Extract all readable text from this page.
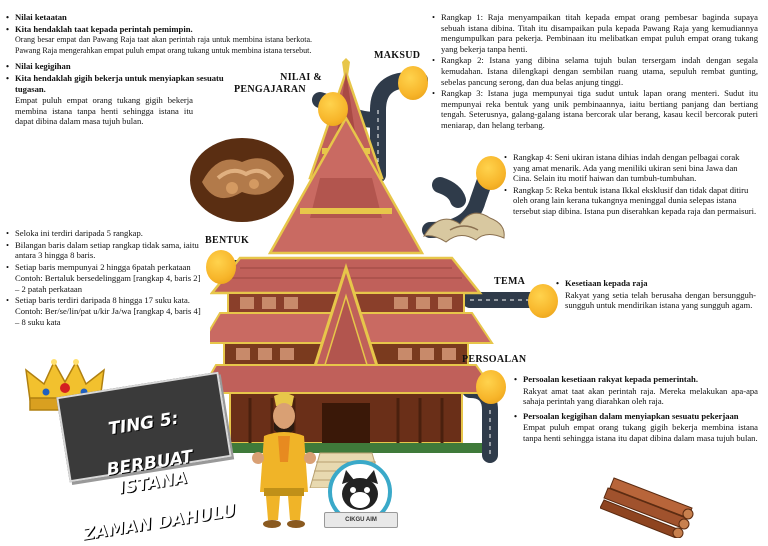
CIKGU AIM

TING 5:

BERBUAT ISTANA

ZAMAN DAHULU

NILAI &
PENGAJARAN
MAKSUD
BENTUK
TEMA
PERSOALAN
• Nilai ketaatan
• Kita hendaklah taat kepada perintah pemimpin.

Orang besar empat dan Pawang Raja taat akan perintah raja untuk membina istana berkota. Pawang Raja mengerahkan empat puluh empat orang tukang untuk membina istana tersebut.

• Nilai kegigihan
• Kita hendaklah gigih bekerja untuk menyiapkan sesuatu tugasan.

Empat puluh empat orang tukang gigih bekerja membina istana tanpa henti sehingga istana itu dapat dibina dalam masa tujuh bulan.

• Rangkap 1: Raja menyampaikan titah kepada empat orang pembesar baginda supaya sebuah istana dibina. Titah itu disampaikan pula kepada Pawang Raja yang kemudiannya mengumpulkan para pekerja. Pembinaan itu melibatkan empat puluh empat orang tukang yang bekerja tanpa henti.
• Rangkap 2: Istana yang dibina selama tujuh bulan tersergam indah dengan segala kemudahan. Istana dilengkapi dengan sembilan ruang utama, sepuluh rembat gunting, sebelas pancung serong, dan dua belas anjung tinggi.
• Rangkap 3: Istana juga mempunyai tiga sudut untuk lapan orang menteri. Sudut itu mempunyai reka bentuk yang unik pembinaannya, iaitu bertiang panjang dan bertiang tengah. Seterusnya, galang-galang istana bercorak ular berang, kasau kecil bercorak puteri meniarap, dan helang terbang.
• Rangkap 4: Seni ukiran istana dihias indah dengan pelbagai corak yang amat menarik. Ada yang meniliki ukiran seni bina Jawa dan Cina. Selain itu motif haiwan dan tumbuh-tumbuhan.
• Rangkap 5: Reka bentuk istana Ikkal eksklusif dan tidak dapat ditiru oleh orang lain kerana tukangnya meninggal dunia selepas istana tersebut siap dibina. Istana pun diserahkan kepada raja dan permaisuri.
• Seloka ini terdiri daripada 5 rangkap.
• Bilangan baris dalam setiap rangkap tidak sama, iaitu antara 3 hingga 8 baris.
• Setiap baris mempunyai 2 hingga 6patah perkataan
Contoh: Bertaluk bersedelinggam [rangkap 4, baris 2] – 2 patah perkataan
• Setiap baris terdiri daripada 8 hingga 17 suku kata.
Contoh: Ber/se/lin/pat u/kir Ja/wa [rangkap 4, baris 4] – 8 suku kata
• Kesetiaan kepada raja

Rakyat yang setia telah berusaha dengan bersungguh-sungguh untuk mendirikan istana yang sungguh agam.

• Persoalan kesetiaan rakyat kepada pemerintah.

Rakyat amat taat akan perintah raja. Mereka melakukan apa-apa sahaja perintah yang diarahkan oleh raja.

• Persoalan kegigihan dalam menyiapkan sesuatu pekerjaan

Empat puluh empat orang tukang gigih bekerja membina istana tanpa henti sehingga istana itu dapat dibina dalam masa tujuh bulan.
